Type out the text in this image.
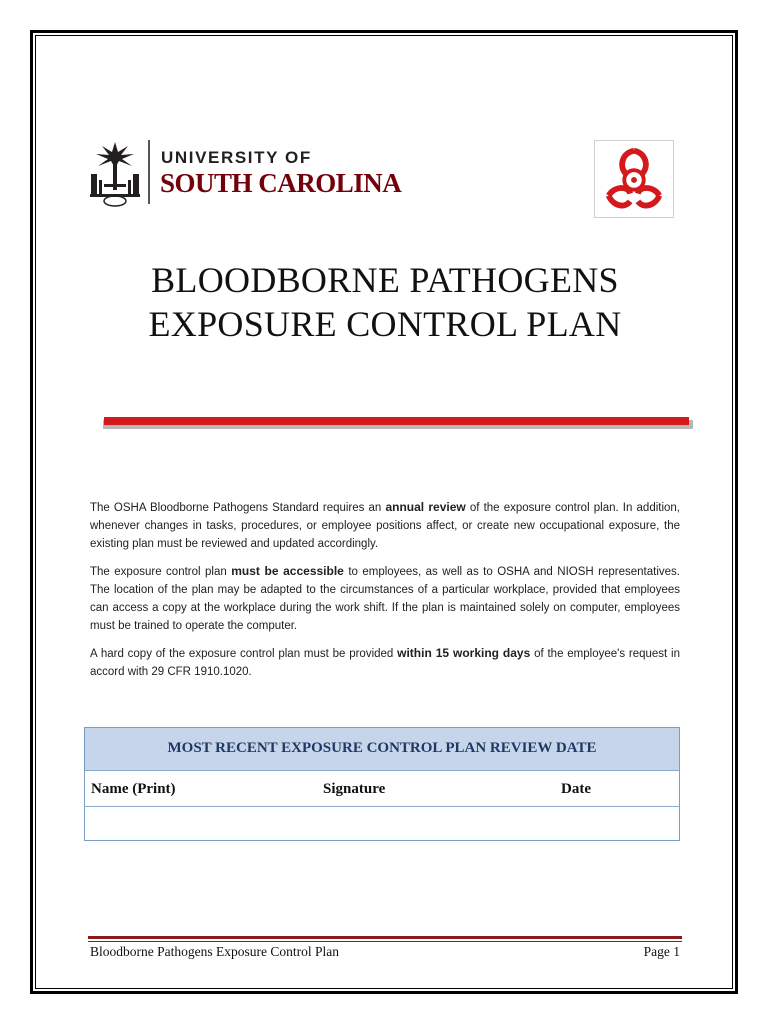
UNIVERSITY OF
SOUTH CAROLINA
BLOODBORNE PATHOGENS
EXPOSURE CONTROL PLAN
The OSHA Bloodborne Pathogens Standard requires an annual review of the exposure control plan. In addition, whenever changes in tasks, procedures, or employee positions affect, or create new occupational exposure, the existing plan must be reviewed and updated accordingly.
The exposure control plan must be accessible to employees, as well as to OSHA and NIOSH representatives. The location of the plan may be adapted to the circumstances of a particular workplace, provided that employees can access a copy at the workplace during the work shift. If the plan is maintained solely on computer, employees must be trained to operate the computer.
A hard copy of the exposure control plan must be provided within 15 working days of the employee's request in accord with 29 CFR 1910.1020.
MOST RECENT EXPOSURE CONTROL PLAN REVIEW DATE
Name (Print)	Signature	Date
Bloodborne Pathogens Exposure Control Plan	Page 1
